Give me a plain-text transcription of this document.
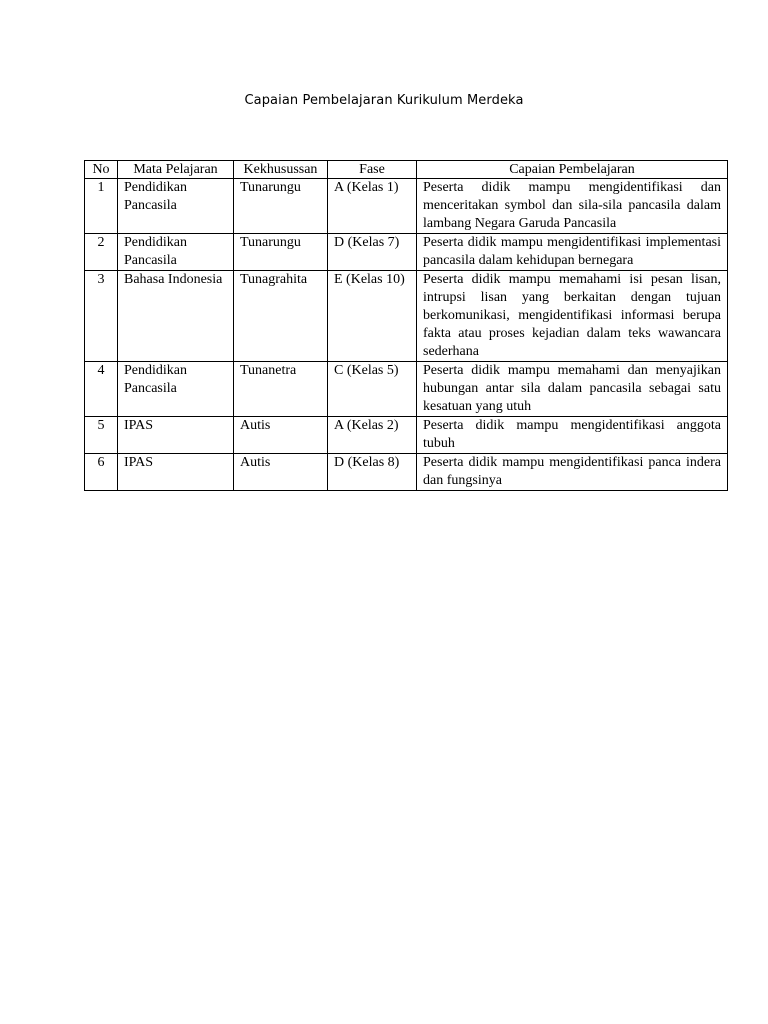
Capaian Pembelajaran Kurikulum Merdeka
No	Mata Pelajaran	Kekhusussan	Fase	Capaian Pembelajaran
1	Pendidikan Pancasila	Tunarungu	A (Kelas 1)	Peserta didik mampu mengidentifikasi dan menceritakan symbol dan sila-sila pancasila dalam lambang Negara Garuda Pancasila
2	Pendidikan Pancasila	Tunarungu	D (Kelas 7)	Peserta didik mampu mengidentifikasi implementasi pancasila dalam kehidupan bernegara
3	Bahasa Indonesia	Tunagrahita	E (Kelas 10)	Peserta didik mampu memahami isi pesan lisan, intrupsi lisan yang berkaitan dengan tujuan berkomunikasi, mengidentifikasi informasi berupa fakta atau proses kejadian dalam teks wawancara sederhana
4	Pendidikan Pancasila	Tunanetra	C (Kelas 5)	Peserta didik mampu memahami dan menyajikan hubungan antar sila dalam pancasila sebagai satu kesatuan yang utuh
5	IPAS	Autis	A (Kelas 2)	Peserta didik mampu mengidentifikasi anggota tubuh
6	IPAS	Autis	D (Kelas 8)	Peserta didik mampu mengidentifikasi panca indera dan fungsinya
